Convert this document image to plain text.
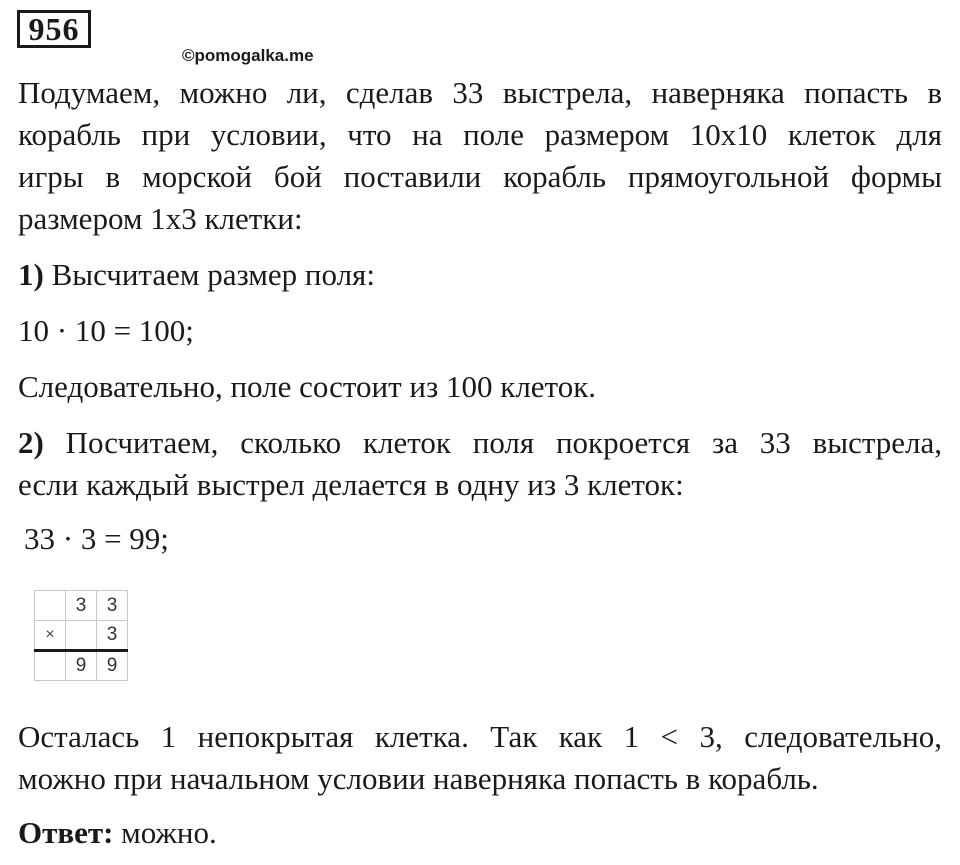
956
©pomogalka.me
Подумаем, можно ли, сделав 33 выстрела, наверняка попасть в
корабль при условии, что на поле размером 10х10 клеток для
игры в морской бой поставили корабль прямоугольной формы
размером 1х3 клетки:
1) Высчитаем размер поля:
10 · 10 = 100;
Следовательно, поле состоит из 100 клеток.
2) Посчитаем, сколько клеток поля покроется за 33 выстрела,
если каждый выстрел делается в одну из 3 клеток:
33 · 3 = 99;
	3	3
×		3
	9	9
Осталась 1 непокрытая клетка. Так как 1 < 3, следовательно,
можно при начальном условии наверняка попасть в корабль.
Ответ: можно.
